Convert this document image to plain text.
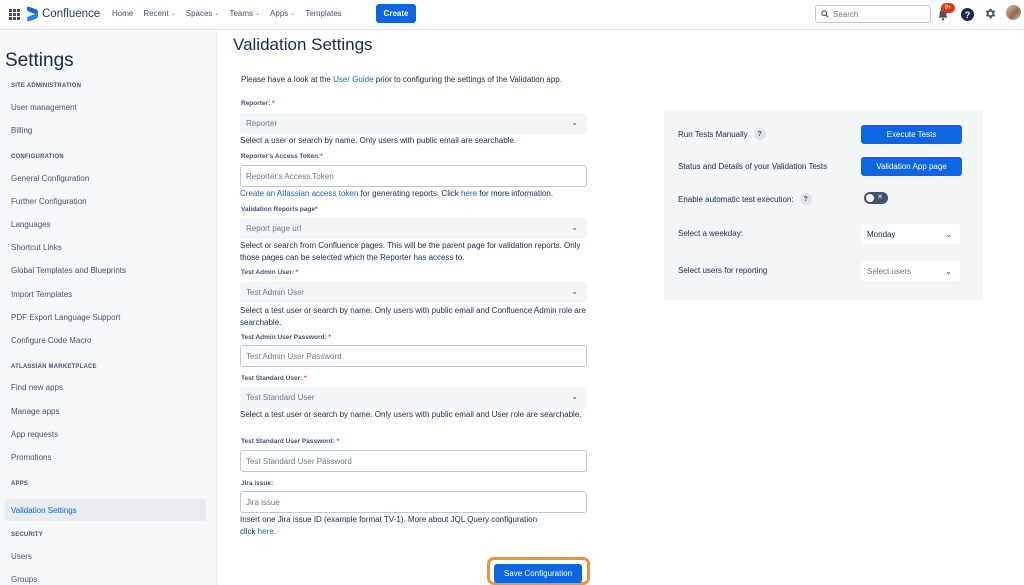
Confluence Home Recent ⌄ Spaces ⌄ Teams ⌄ Apps ⌄ Templates	Create
Search
9+
?
Settings
SITE ADMINISTRATION
User management
Billing
CONFIGURATION
General Configuration
Further Configuration
Languages
Shortcut Links
Global Templates and Blueprints
Import Templates
PDF Export Language Support
Configure Code Macro
ATLASSIAN MARKETPLACE
Find new apps
Manage apps
App requests
Promotions
APPS
Validation Settings
SECURITY
Users
Groups
Validation Settings
Please have a look at the User Guide prior to configuring the settings of the Validation app.
Reporter: *
Reporter	⌄
Select a user or search by name. Only users with public email are searchable.
Reporter's Access Token:*
Reporter's Access Token
Create an Atlassian access token for generating reports. Click here for more information.
Validation Reports page*
Report page url	⌄
Select or search from Confluence pages. This will be the parent page for validation reports. Only those pages can be selected which the Reporter has access to.
Test Admin User: *
Test Admin User	⌄
Select a test user or search by name. Only users with public email and Confluence Admin role are searchable.
Test Admin User Password: *
Test Admin User Password
Test Standard User: *
Test Standard User	⌄
Select a test user or search by name. Only users with public email and User role are searchable.
Test Standard User Password: *
Test Standard User Password
Jira issue:
Jira issue
Insert one Jira issue ID (example format TV-1). More about JQL Query configuration
click here.
Save Configuration
Run Tests Manually	?	Execute Tests
Status and Details of your Validation Tests	Validation App page
Enable automatic test execution:	?	✕
Select a weekday:	Monday	⌄
Select users for reporting	Select users	⌄
